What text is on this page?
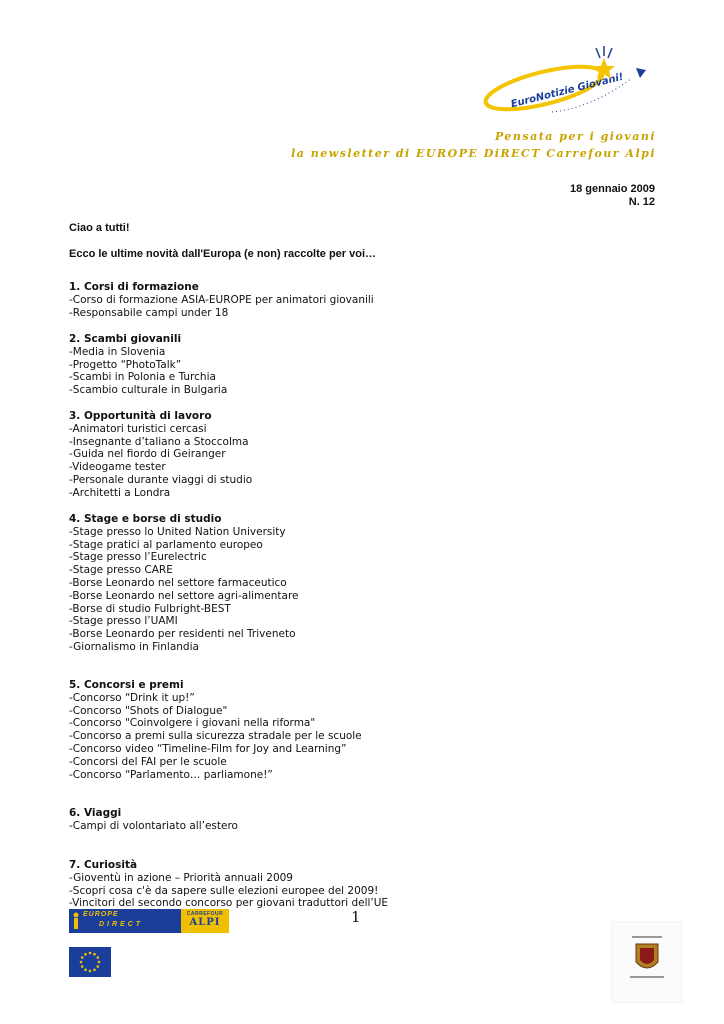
EuroNotizie Giovani!
Pensata per i giovani
la newsletter di EUROPE DiRECT Carrefour Alpi
18 gennaio 2009
N. 12
Ciao a tutti!
Ecco le ultime novità dall'Europa (e non) raccolte per voi…
1. Corsi di formazione
-Corso di formazione ASIA-EUROPE per animatori giovanili
-Responsabile campi under 18
2. Scambi giovanili
-Media in Slovenia
-Progetto “PhotoTalk”
-Scambi in Polonia e Turchia
-Scambio culturale in Bulgaria
3. Opportunità di lavoro
-Animatori turistici cercasi
-Insegnante d’taliano a Stoccolma
-Guida nel fiordo di Geiranger
-Videogame tester
-Personale durante viaggi di studio
-Architetti a Londra
4. Stage e borse di studio
-Stage presso lo United Nation University
-Stage pratici al parlamento europeo
-Stage presso l’Eurelectric
-Stage presso CARE
-Borse Leonardo nel settore farmaceutico
-Borse Leonardo nel settore agri-alimentare
-Borse di studio Fulbright-BEST
-Stage presso l’UAMI
-Borse Leonardo per residenti nel Triveneto
-Giornalismo in Finlandia
5. Concorsi e premi
-Concorso “Drink it up!”
-Concorso "Shots of Dialogue"
-Concorso "Coinvolgere i giovani nella riforma"
-Concorso a premi sulla sicurezza stradale per le scuole
-Concorso video “Timeline-Film for Joy and Learning”
-Concorsi del FAI per le scuole
-Concorso “Parlamento… parliamone!”
6. Viaggi
-Campi di volontariato all’estero
7. Curiosità
-Gioventù in azione – Priorità annuali 2009
-Scopri cosa c'è da sapere sulle elezioni europee del 2009!
-Vincitori del secondo concorso per giovani traduttori dell’UE
EUROPE
DIRECT
CARREFOUR
ALPI	1
